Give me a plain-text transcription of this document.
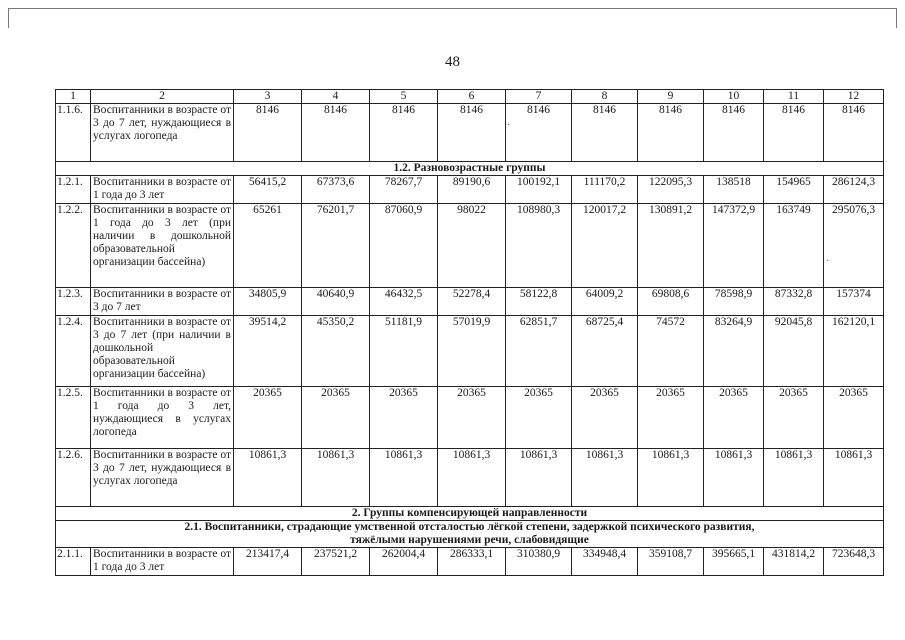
48
1	2	3	4	5	6	7	8	9	10	11	12
1.1.6.	Воспитанники в возрасте от 3 до 7 лет, нуждающиеся в услугах логопеда	8146	8146	8146	8146	8146	8146	8146	8146	8146	8146
1.2. Разновозрастные группы											
1.2.1.	Воспитанники в возрасте от 1 года до 3 лет	56415,2	67373,6	78267,7	89190,6	100192,1	111170,2	122095,3	138518	154965	286124,3
1.2.2.	Воспитанники в возрасте от 1 года до 3 лет (при наличии в дошкольной образовательной организации бассейна)	65261	76201,7	87060,9	98022	108980,3	120017,2	130891,2	147372,9	163749	295076,3
1.2.3.	Воспитанники в возрасте от 3 до 7 лет	34805,9	40640,9	46432,5	52278,4	58122,8	64009,2	69808,6	78598,9	87332,8	157374
1.2.4.	Воспитанники в возрасте от 3 до 7 лет (при наличии в дошкольной образовательной организации бассейна)	39514,2	45350,2	51181,9	57019,9	62851,7	68725,4	74572	83264,9	92045,8	162120,1
1.2.5.	Воспитанники в возрасте от 1 года до 3 лет, нуждающиеся в услугах логопеда	20365	20365	20365	20365	20365	20365	20365	20365	20365	20365
1.2.6.	Воспитанники в возрасте от 3 до 7 лет, нуждающиеся в услугах логопеда	10861,3	10861,3	10861,3	10861,3	10861,3	10861,3	10861,3	10861,3	10861,3	10861,3
2. Группы компенсирующей направленности											
2.1. Воспитанники, страдающие умственной отсталостью лёгкой степени, задержкой психического развития, тяжёлыми нарушениями речи, слабовидящие											
2.1.1.	Воспитанники в возрасте от 1 года до 3 лет	213417,4	237521,2	262004,4	286333,1	310380,9	334948,4	359108,7	395665,1	431814,2	723648,3
·
·
